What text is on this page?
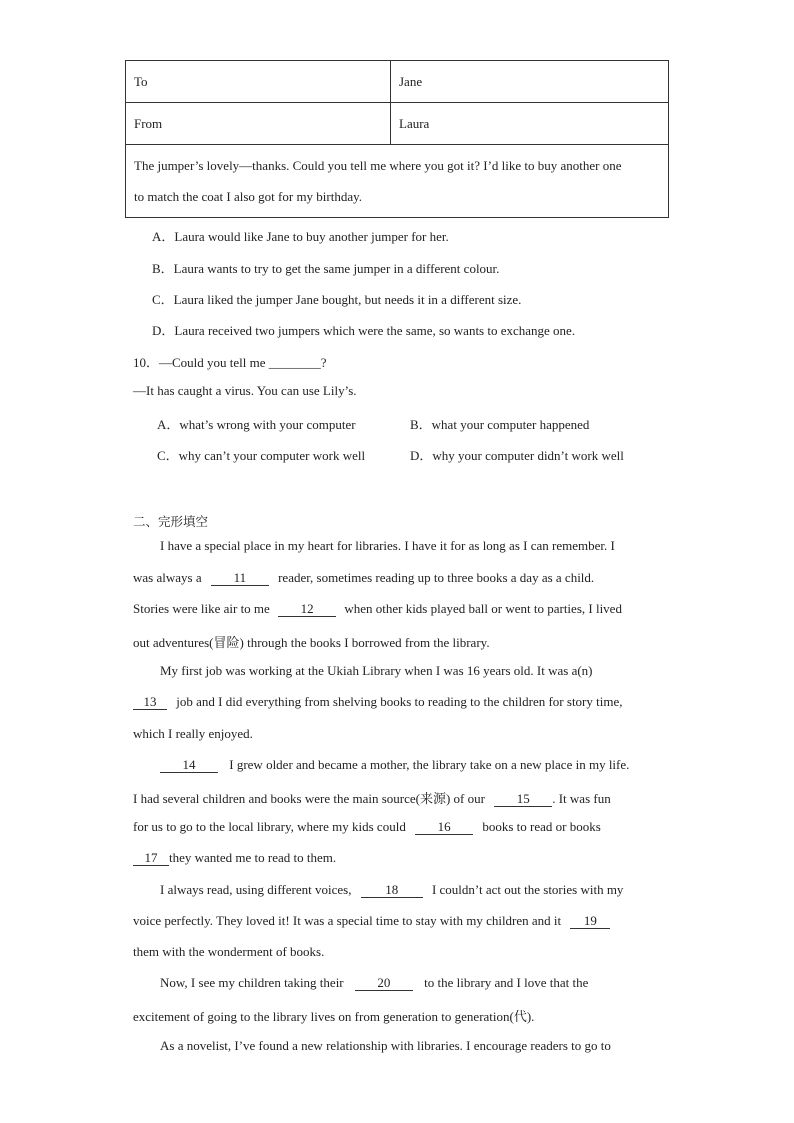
To	Jane
From	Laura
The jumper’s lovely—thanks. Could you tell me where you got it? I’d like to buy another one
to match the coat I also got for my birthday.	
A．Laura would like Jane to buy another jumper for her.
B．Laura wants to try to get the same jumper in a different colour.
C．Laura liked the jumper Jane bought, but needs it in a different size.
D．Laura received two jumpers which were the same, so wants to exchange one.
10．—Could you tell me ________?
—It has caught a virus. You can use Lily’s.
A．what’s wrong with your computer	B．what your computer happened
C．why can’t your computer work well	D．why your computer didn’t work well
二、完形填空
I have a special place in my heart for libraries. I have it for as long as I can remember. I
was always a 11 reader, sometimes reading up to three books a day as a child.
Stories were like air to me 12 when other kids played ball or went to parties, I lived
out adventures(冒险) through the books I borrowed from the library.
My first job was working at the Ukiah Library when I was 16 years old. It was a(n)
13 job and I did everything from shelving books to reading to the children for story time,
which I really enjoyed.
14	I grew older and became a mother, the library take on a new place in my life.
I had several children and books were the main source(来源) of our 15 . It was fun
for us to go to the local library, where my kids could 16 books to read or books
17 they wanted me to read to them.
I always read, using different voices,	18	I couldn’t act out the stories with my
voice perfectly. They loved it! It was a special time to stay with my children and it 19
them with the wonderment of books.
Now, I see my children taking their	20	to the library and I love that the
excitement of going to the library lives on from generation to generation(代).
As a novelist, I’ve found a new relationship with libraries. I encourage readers to go to
